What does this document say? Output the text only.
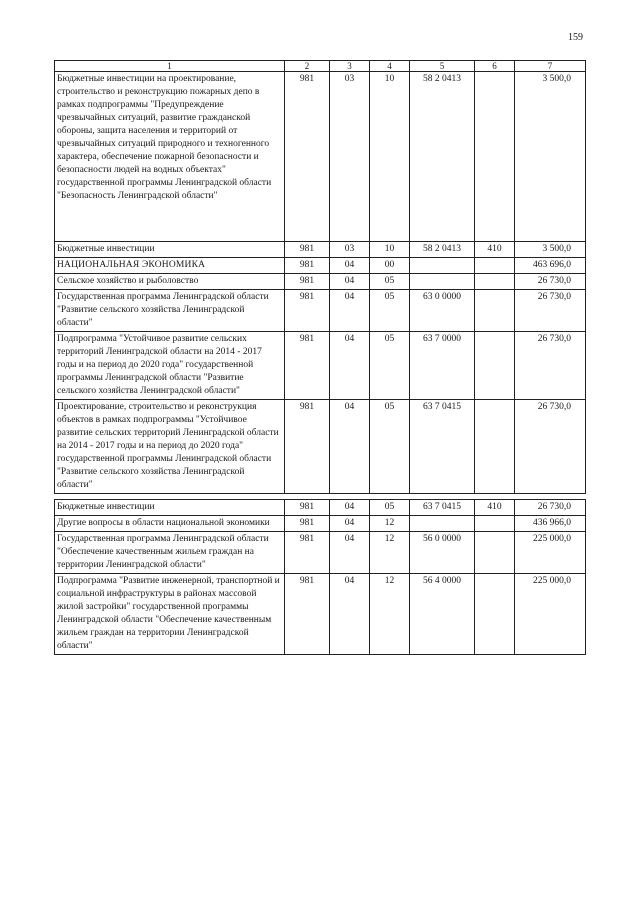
159
1	2	3	4	5	6	7
Бюджетные инвестиции на проектирование, строительство и реконструкцию пожарных депо в рамках подпрограммы "Предупреждение чрезвычайных ситуаций, развитие гражданской обороны, защита населения и территорий от чрезвычайных ситуаций природного и техногенного характера, обеспечение пожарной безопасности и безопасности людей на водных объектах" государственной программы Ленинградской области "Безопасность Ленинградской области"	981	03	10	58 2 0413		3 500,0
Бюджетные инвестиции	981	03	10	58 2 0413	410	3 500,0
НАЦИОНАЛЬНАЯ ЭКОНОМИКА	981	04	00			463 696,0
Сельское хозяйство и рыболовство	981	04	05			26 730,0
Государственная программа Ленинградской области "Развитие сельского хозяйства Ленинградской области"	981	04	05	63 0 0000		26 730,0
Подпрограмма "Устойчивое развитие сельских территорий Ленинградской области на 2014 - 2017 годы и на период до 2020 года" государственной программы Ленинградской области "Развитие сельского хозяйства Ленинградской области"	981	04	05	63 7 0000		26 730,0
Проектирование, строительство и реконструкция объектов в рамках подпрограммы "Устойчивое развитие сельских территорий Ленинградской области на 2014 - 2017 годы и на период до 2020 года" государственной программы Ленинградской области "Развитие сельского хозяйства Ленинградской области"	981	04	05	63 7 0415		26 730,0

Бюджетные инвестиции	981	04	05	63 7 0415	410	26 730,0
Другие вопросы в области национальной экономики	981	04	12			436 966,0
Государственная программа Ленинградской области "Обеспечение качественным жильем граждан на территории Ленинградской области"	981	04	12	56 0 0000		225 000,0
Подпрограмма "Развитие инженерной, транспортной и социальной инфраструктуры в районах массовой жилой застройки" государственной программы Ленинградской области "Обеспечение качественным жильем граждан на территории Ленинградской области"	981	04	12	56 4 0000		225 000,0
